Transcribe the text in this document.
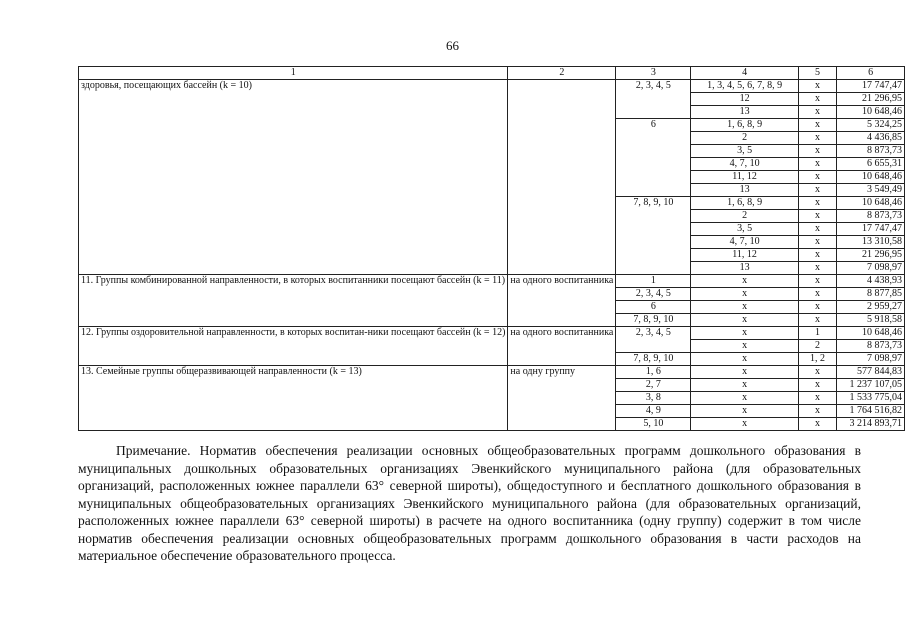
66
1	2	3	4	5	6
здоровья, посещающих бассейн (k = 10)		2, 3, 4, 5	1, 3, 4, 5, 6, 7, 8, 9	x	17 747,47
			12	x	21 296,95
			13	x	10 648,46
		6	1, 6, 8, 9	x	5 324,25
			2	x	4 436,85
			3, 5	x	8 873,73
			4, 7, 10	x	6 655,31
			11, 12	x	10 648,46
			13	x	3 549,49
		7, 8, 9, 10	1, 6, 8, 9	x	10 648,46
			2	x	8 873,73
			3, 5	x	17 747,47
			4, 7, 10	x	13 310,58
			11, 12	x	21 296,95
			13	x	7 098,97
11. Группы комбинированной направленности, в которых воспитанники посещают бассейн (k = 11)	на одного воспитанника	1	x	x	4 438,93
		2, 3, 4, 5	x	x	8 877,85
		6	x	x	2 959,27
		7, 8, 9, 10	x	x	5 918,58
12. Группы оздоровительной направленности, в которых воспитан-ники посещают бассейн (k = 12)	на одного воспитанника	2, 3, 4, 5	x	1	10 648,46
			x	2	8 873,73
		7, 8, 9, 10	x	1, 2	7 098,97
13. Семейные группы общеразвивающей направленности (k = 13)	на одну группу	1, 6	x	x	577 844,83
		2, 7	x	x	1 237 107,05
		3, 8	x	x	1 533 775,04
		4, 9	x	x	1 764 516,82
		5, 10	x	x	3 214 893,71

Примечание. Норматив обеспечения реализации основных общеобразовательных программ дошкольного образования в муниципальных дошкольных образовательных организациях Эвенкийского муниципального района (для образовательных организаций, расположенных южнее параллели 63° северной широты), общедоступного и бесплатного дошкольного образования в муниципальных общеобразовательных организациях Эвенкийского муниципального района (для образовательных организаций, расположенных южнее параллели 63° северной широты) в расчете на одного воспитанника (одну группу) содержит в том числе норматив обеспечения реализации основных общеобразовательных программ дошкольного образования в части расходов на материальное обеспечение образовательного процесса.
